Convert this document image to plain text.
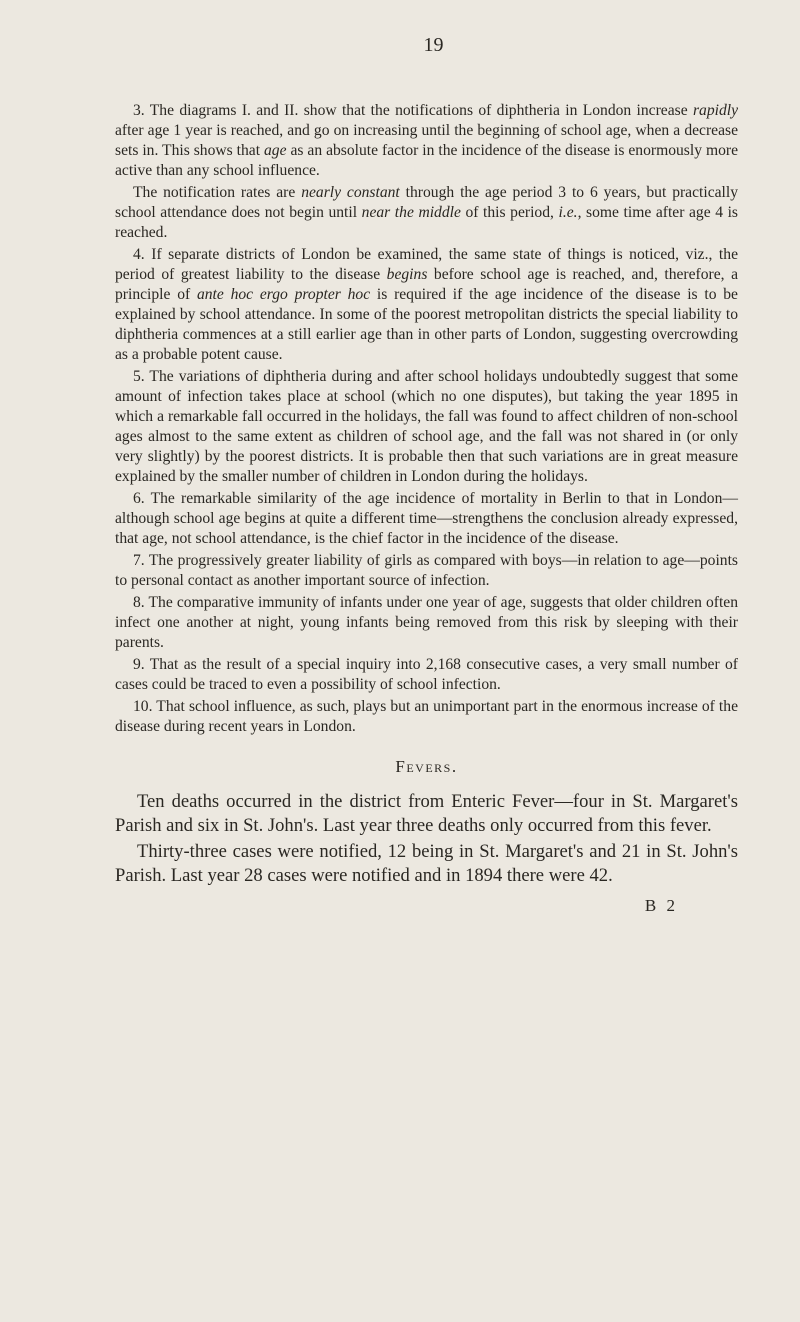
19

3. The diagrams I. and II. show that the notifications of diphtheria in London increase rapidly after age 1 year is reached, and go on increasing until the beginning of school age, when a decrease sets in. This shows that age as an absolute factor in the incidence of the disease is enormously more active than any school influence.

The notification rates are nearly constant through the age period 3 to 6 years, but practically school attendance does not begin until near the middle of this period, i.e., some time after age 4 is reached.

4. If separate districts of London be examined, the same state of things is noticed, viz., the period of greatest liability to the disease begins before school age is reached, and, therefore, a principle of ante hoc ergo propter hoc is required if the age incidence of the disease is to be explained by school attendance. In some of the poorest metropolitan districts the special liability to diphtheria commences at a still earlier age than in other parts of London, suggesting overcrowding as a probable potent cause.

5. The variations of diphtheria during and after school holidays undoubtedly suggest that some amount of infection takes place at school (which no one disputes), but taking the year 1895 in which a remarkable fall occurred in the holidays, the fall was found to affect children of non-school ages almost to the same extent as children of school age, and the fall was not shared in (or only very slightly) by the poorest districts. It is probable then that such variations are in great measure explained by the smaller number of children in London during the holidays.

6. The remarkable similarity of the age incidence of mortality in Berlin to that in London—although school age begins at quite a different time—strengthens the conclusion already expressed, that age, not school attendance, is the chief factor in the incidence of the disease.

7. The progressively greater liability of girls as compared with boys—in relation to age—points to personal contact as another important source of infection.

8. The comparative immunity of infants under one year of age, suggests that older children often infect one another at night, young infants being removed from this risk by sleeping with their parents.

9. That as the result of a special inquiry into 2,168 consecutive cases, a very small number of cases could be traced to even a possibility of school infection.

10. That school influence, as such, plays but an unimportant part in the enormous increase of the disease during recent years in London.

Fevers.

Ten deaths occurred in the district from Enteric Fever—four in St. Margaret's Parish and six in St. John's. Last year three deaths only occurred from this fever.

Thirty-three cases were notified, 12 being in St. Margaret's and 21 in St. John's Parish. Last year 28 cases were notified and in 1894 there were 42.

B 2
